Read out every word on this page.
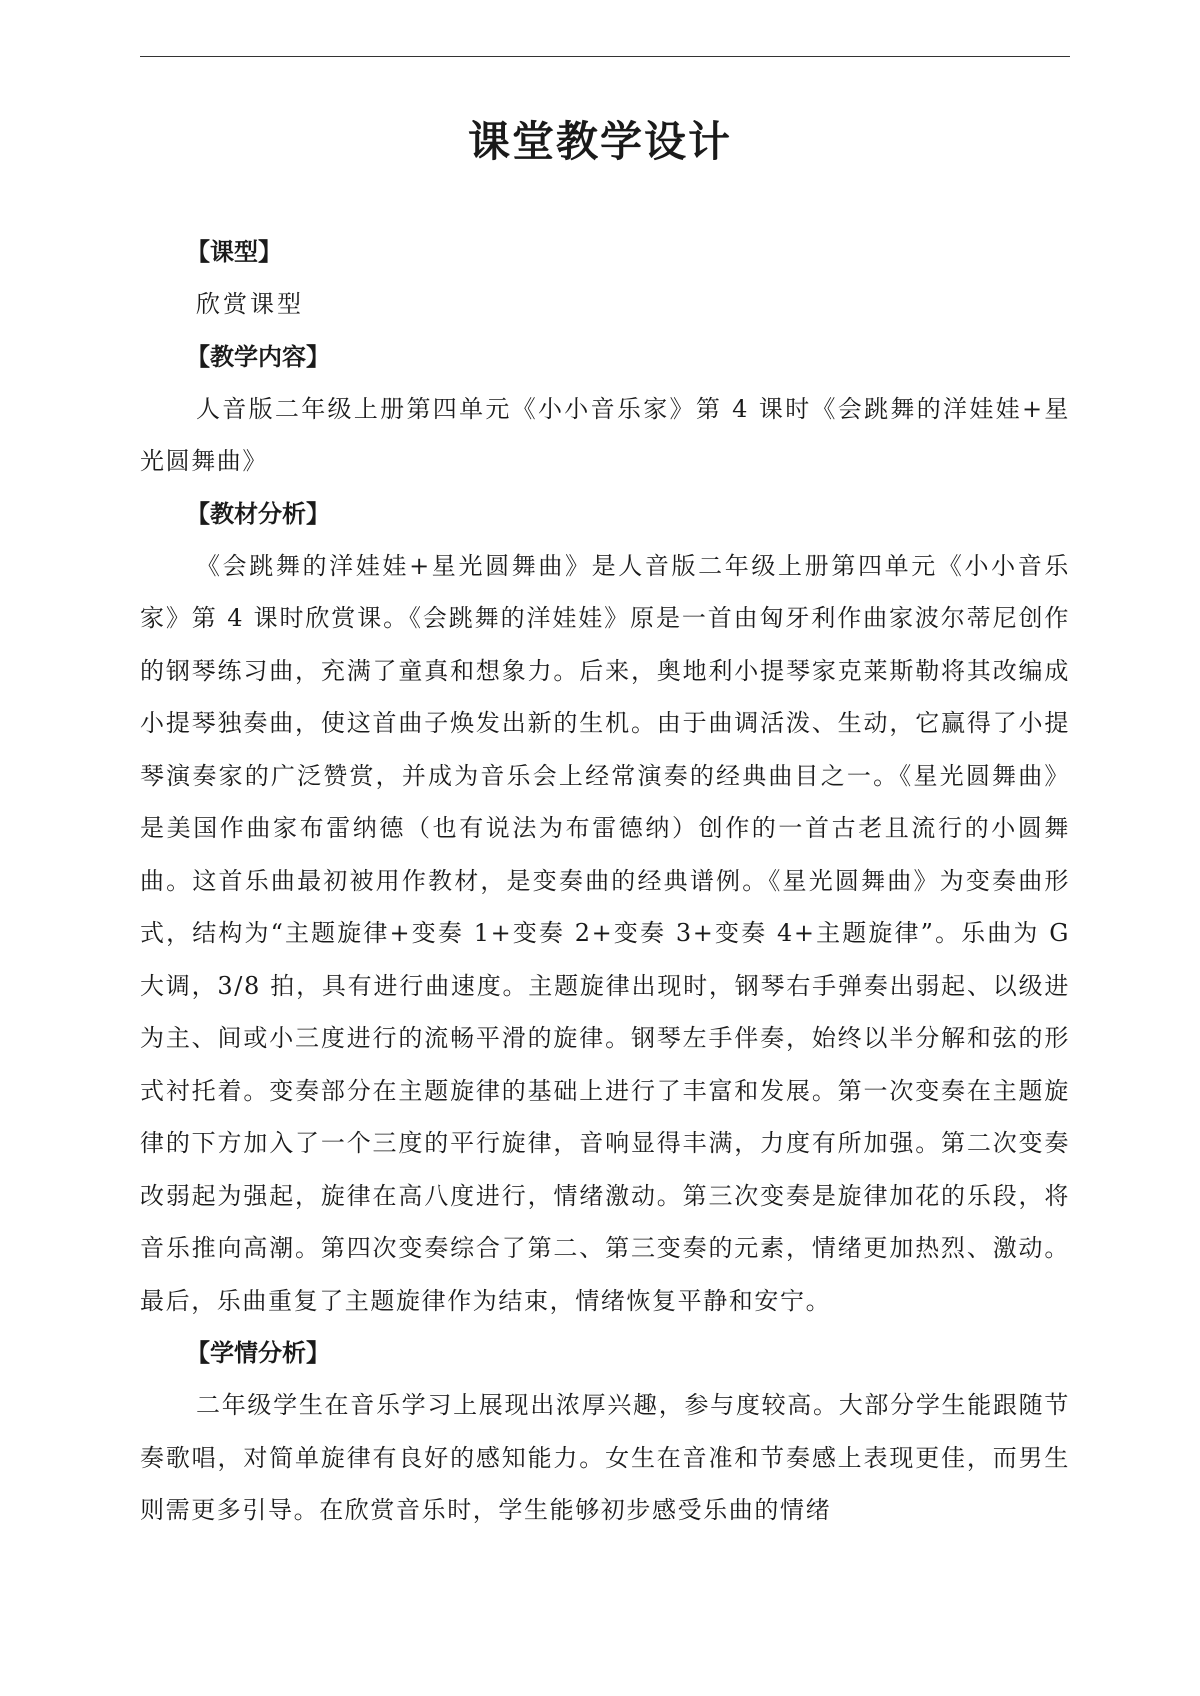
课堂教学设计
【课型】

欣赏课型

【教学内容】

人音版二年级上册第四单元《小小音乐家》第 4 课时《会跳舞的洋娃娃+星光圆舞曲》

【教材分析】

《会跳舞的洋娃娃+星光圆舞曲》是人音版二年级上册第四单元《小小音乐家》第 4 课时欣赏课。《会跳舞的洋娃娃》原是一首由匈牙利作曲家波尔蒂尼创作的钢琴练习曲，充满了童真和想象力。后来，奥地利小提琴家克莱斯勒将其改编成小提琴独奏曲，使这首曲子焕发出新的生机。由于曲调活泼、生动，它赢得了小提琴演奏家的广泛赞赏，并成为音乐会上经常演奏的经典曲目之一。《星光圆舞曲》是美国作曲家布雷纳德（也有说法为布雷德纳）创作的一首古老且流行的小圆舞曲。这首乐曲最初被用作教材，是变奏曲的经典谱例。《星光圆舞曲》为变奏曲形式，结构为“主题旋律+变奏 1+变奏 2+变奏 3+变奏 4+主题旋律”。乐曲为 G 大调，3/8 拍，具有进行曲速度。主题旋律出现时，钢琴右手弹奏出弱起、以级进为主、间或小三度进行的流畅平滑的旋律。钢琴左手伴奏，始终以半分解和弦的形式衬托着。变奏部分在主题旋律的基础上进行了丰富和发展。第一次变奏在主题旋律的下方加入了一个三度的平行旋律，音响显得丰满，力度有所加强。第二次变奏改弱起为强起，旋律在高八度进行，情绪激动。第三次变奏是旋律加花的乐段，将音乐推向高潮。第四次变奏综合了第二、第三变奏的元素，情绪更加热烈、激动。最后，乐曲重复了主题旋律作为结束，情绪恢复平静和安宁。

【学情分析】

二年级学生在音乐学习上展现出浓厚兴趣，参与度较高。大部分学生能跟随节奏歌唱，对简单旋律有良好的感知能力。女生在音准和节奏感上表现更佳，而男生则需更多引导。在欣赏音乐时，学生能够初步感受乐曲的情绪
